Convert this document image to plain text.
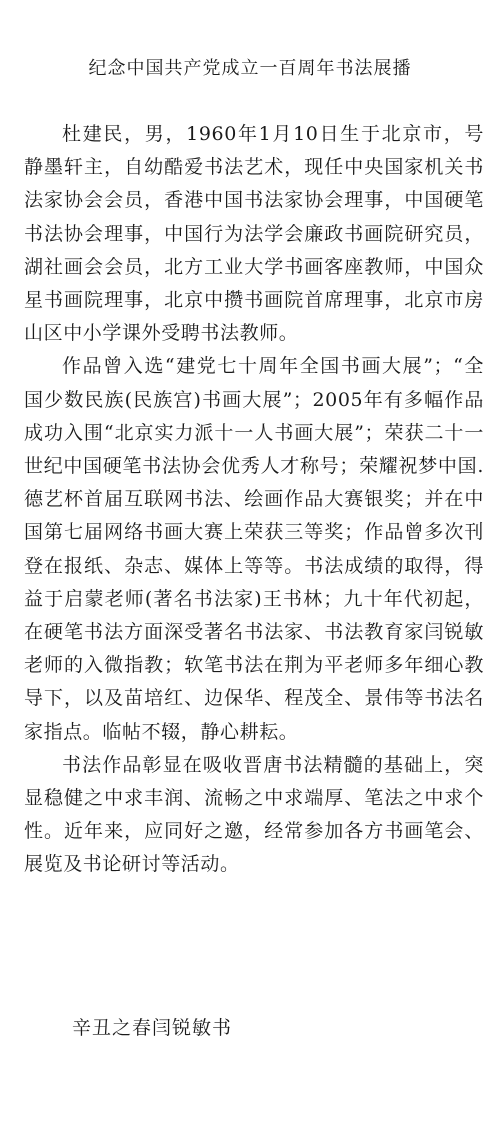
纪念中国共产党成立一百周年书法展播

杜建民，男，1960年1月10日生于北京市，号静墨轩主，自幼酷爱书法艺术，现任中央国家机关书法家协会会员，香港中国书法家协会理事，中国硬笔书法协会理事，中国行为法学会廉政书画院研究员，湖社画会会员，北方工业大学书画客座教师，中国众星书画院理事，北京中攒书画院首席理事，北京市房山区中小学课外受聘书法教师。

作品曾入选“建党七十周年全国书画大展”；“全国少数民族(民族宫)书画大展”；2005年有多幅作品成功入围“北京实力派十一人书画大展”；荣获二十一世纪中国硬笔书法协会优秀人才称号；荣耀祝梦中国.德艺杯首届互联网书法、绘画作品大赛银奖；并在中国第七届网络书画大赛上荣获三等奖；作品曾多次刊登在报纸、杂志、媒体上等等。书法成绩的取得，得益于启蒙老师(著名书法家)王书林；九十年代初起，在硬笔书法方面深受著名书法家、书法教育家闫锐敏老师的入微指教；软笔书法在荆为平老师多年细心教导下，以及苗培红、边保华、程茂全、景伟等书法名家指点。临帖不辍，静心耕耘。

书法作品彰显在吸收晋唐书法精髓的基础上，突显稳健之中求丰润、流畅之中求端厚、笔法之中求个性。近年来，应同好之邀，经常参加各方书画笔会、展览及书论研讨等活动。

辛丑之春闫锐敏书
